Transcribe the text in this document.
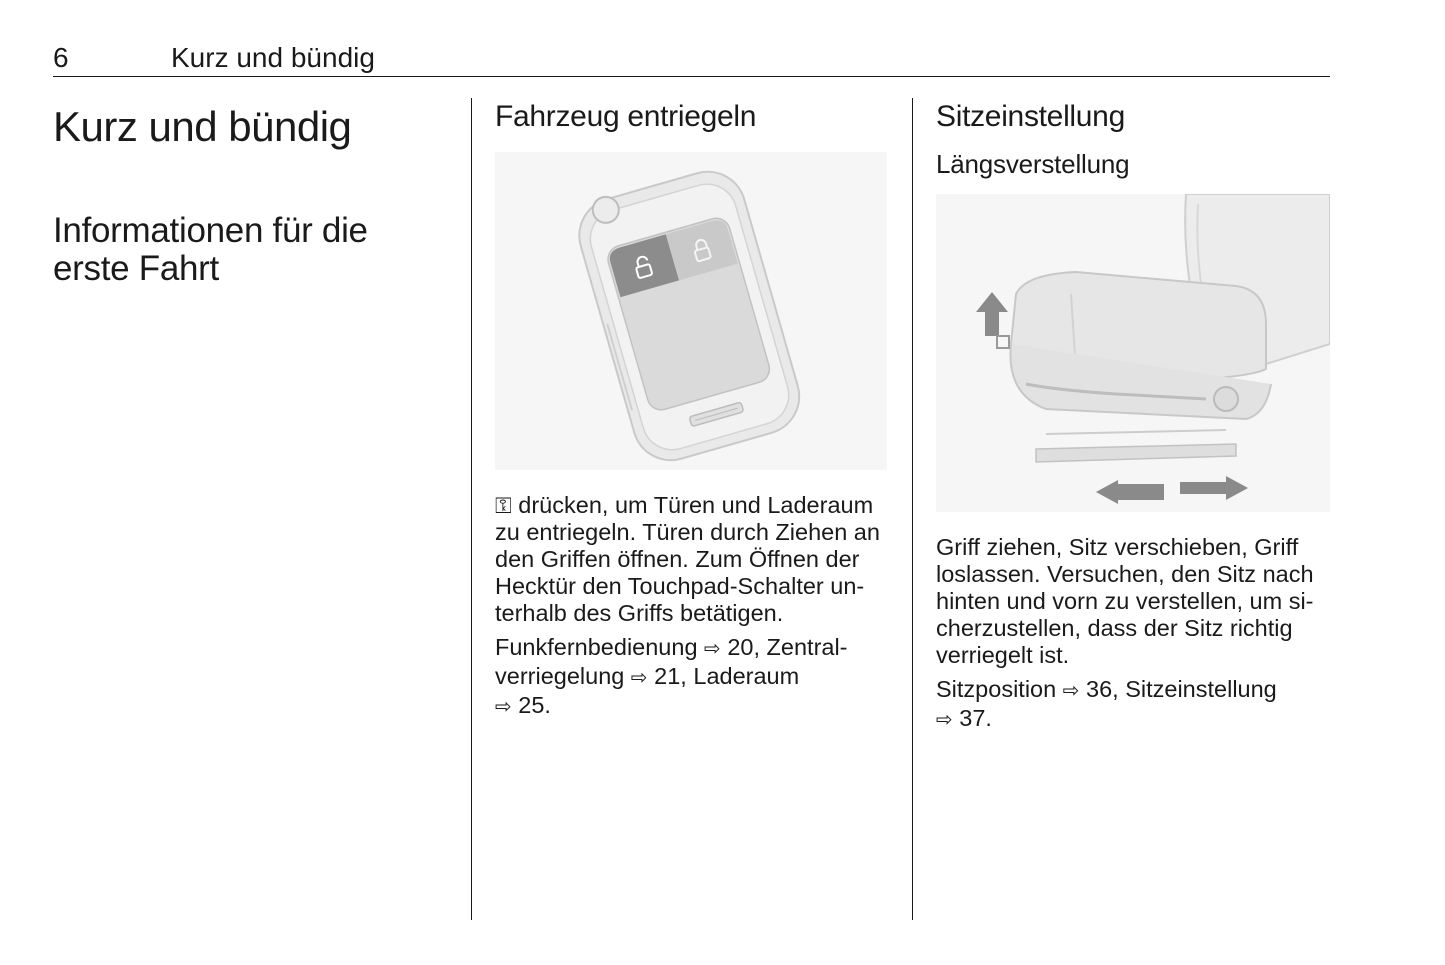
6	Kurz und bündig
Kurz und bündig
Informationen für die
erste Fahrt
Fahrzeug entriegeln

⚿ drücken, um Türen und Laderaum
zu entriegeln. Türen durch Ziehen an
den Griffen öffnen. Zum Öffnen der
Hecktür den Touchpad-Schalter un-
terhalb des Griffs betätigen.

Funkfernbedienung ⇨ 20, Zentral-
verriegelung ⇨ 21, Laderaum
⇨ 25.

Sitzeinstellung
Längsverstellung

Griff ziehen, Sitz verschieben, Griff
loslassen. Versuchen, den Sitz nach
hinten und vorn zu verstellen, um si-
cherzustellen, dass der Sitz richtig
verriegelt ist.

Sitzposition ⇨ 36, Sitzeinstellung
⇨ 37.
